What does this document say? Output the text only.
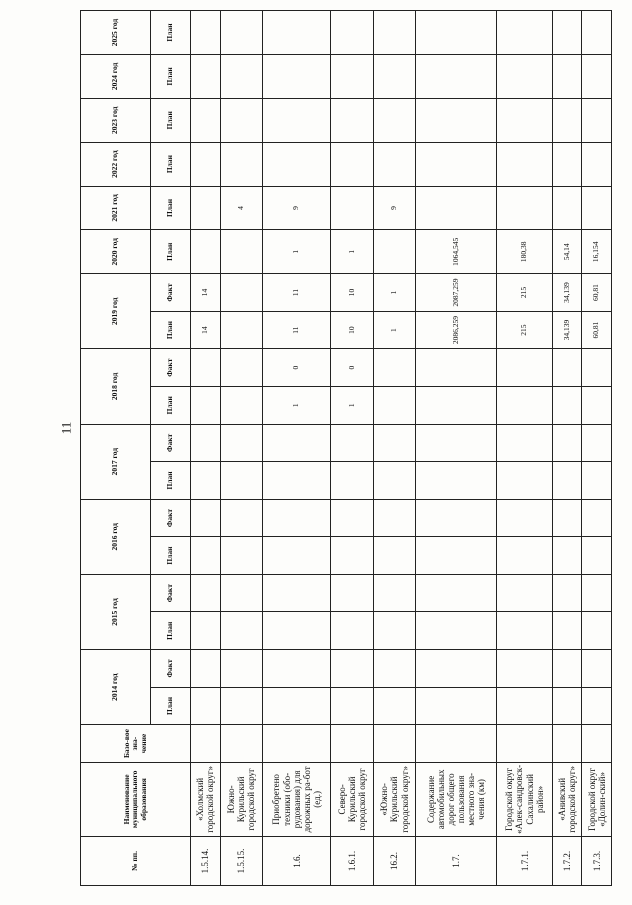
11
№ пп.	Наименование муниципального образования	Базо-вое зна-чение	2014 год		2015 год		2016 год		2017 год		2018 год		2019 год		2020 год	2021 год	2022 год	2023 год	2024 год	2025 год
			План	Факт	План	Факт	План	Факт	План	Факт	План	Факт	План	Факт	План	План	План	План	План	План
1.5.14.	«Холмский городской округ»												14	14						
1.5.15.	Южно-Курильский городской округ															4				
1.6.	Приобретено техники (обо-рудования) для дорожных ра-бот (ед.)										1	0	11	11	1	9				
1.6.1.	Северо-Курильский городской округ										1	0	10	10	1					
16.2.	«Южно-Курильский городской округ»												1	1		9				
1.7.	Содержание автомобильных дорог общего пользования местного зна-чения (км)												2086,259	2087,259	1064,545					
1.7.1.	Городской округ «Алек-сандровск-Сахалинский район»												215	215	180,38					
1.7.2.	«Анивский городской округ»												34,139	34,139	54,14					
1.7.3.	Городской округ «Долин-ский»												60,81	60,81	16,154					
